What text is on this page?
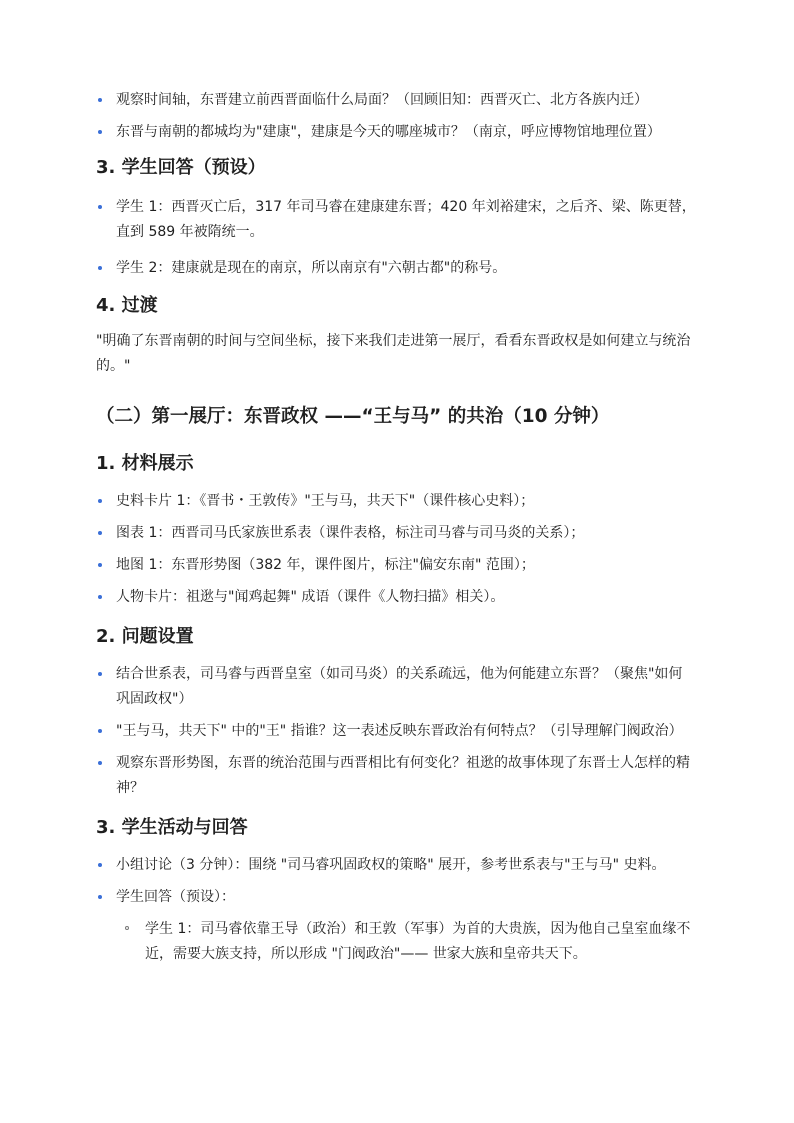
观察时间轴，东晋建立前西晋面临什么局面？（回顾旧知：西晋灭亡、北方各族内迁）
东晋与南朝的都城均为"建康"，建康是今天的哪座城市？（南京，呼应博物馆地理位置）
3. 学生回答（预设）
学生 1：西晋灭亡后，317 年司马睿在建康建东晋；420 年刘裕建宋，之后齐、梁、陈更替，直到 589 年被隋统一。
学生 2：建康就是现在的南京，所以南京有"六朝古都"的称号。
4. 过渡

"明确了东晋南朝的时间与空间坐标，接下来我们走进第一展厅，看看东晋政权是如何建立与统治的。"

（二）第一展厅：东晋政权 ——“王与马” 的共治（10 分钟）
1. 材料展示
史料卡片 1：《晋书・王敦传》"王与马，共天下"（课件核心史料）；
图表 1：西晋司马氏家族世系表（课件表格，标注司马睿与司马炎的关系）；
地图 1：东晋形势图（382 年，课件图片，标注"偏安东南" 范围）；
人物卡片：祖逖与"闻鸡起舞" 成语（课件《人物扫描》相关）。
2. 问题设置
结合世系表，司马睿与西晋皇室（如司马炎）的关系疏远，他为何能建立东晋？（聚焦"如何巩固政权"）
"王与马，共天下" 中的"王" 指谁？这一表述反映东晋政治有何特点？（引导理解门阀政治）
观察东晋形势图，东晋的统治范围与西晋相比有何变化？祖逖的故事体现了东晋士人怎样的精神？
3. 学生活动与回答
小组讨论（3 分钟）：围绕 "司马睿巩固政权的策略" 展开，参考世系表与"王与马" 史料。
学生回答（预设）：
学生 1：司马睿依靠王导（政治）和王敦（军事）为首的大贵族，因为他自己皇室血缘不近，需要大族支持，所以形成 "门阀政治"—— 世家大族和皇帝共天下。
